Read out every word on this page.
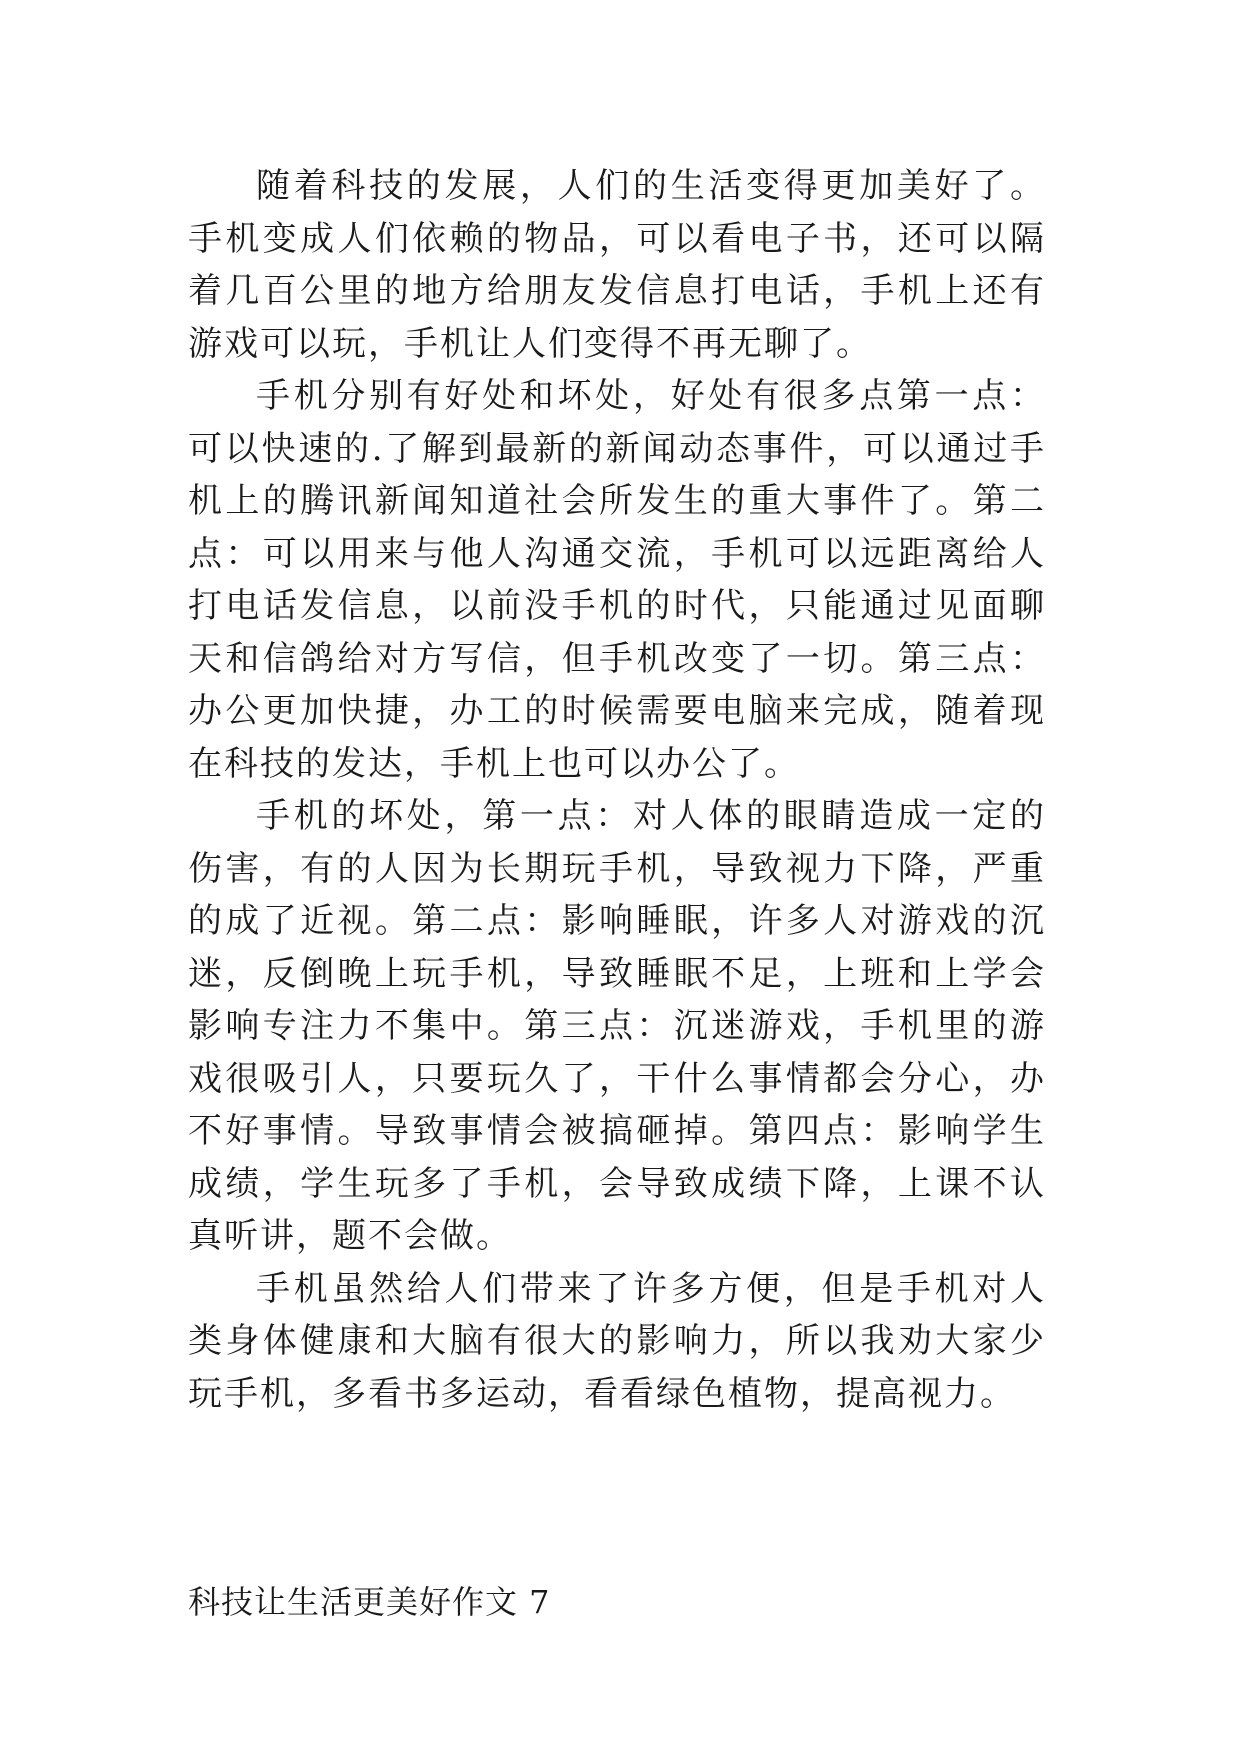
随着科技的发展，人们的生活变得更加美好了。手机变成人们依赖的物品，可以看电子书，还可以隔着几百公里的地方给朋友发信息打电话，手机上还有游戏可以玩，手机让人们变得不再无聊了。

手机分别有好处和坏处，好处有很多点第一点：可以快速的.了解到最新的新闻动态事件，可以通过手机上的腾讯新闻知道社会所发生的重大事件了。第二点：可以用来与他人沟通交流，手机可以远距离给人打电话发信息，以前没手机的时代，只能通过见面聊天和信鸽给对方写信，但手机改变了一切。第三点：办公更加快捷，办工的时候需要电脑来完成，随着现在科技的发达，手机上也可以办公了。

手机的坏处，第一点：对人体的眼睛造成一定的伤害，有的人因为长期玩手机，导致视力下降，严重的成了近视。第二点：影响睡眠，许多人对游戏的沉迷，反倒晚上玩手机，导致睡眠不足，上班和上学会影响专注力不集中。第三点：沉迷游戏，手机里的游戏很吸引人，只要玩久了，干什么事情都会分心，办不好事情。导致事情会被搞砸掉。第四点：影响学生成绩，学生玩多了手机，会导致成绩下降，上课不认真听讲，题不会做。

手机虽然给人们带来了许多方便，但是手机对人类身体健康和大脑有很大的影响力，所以我劝大家少玩手机，多看书多运动，看看绿色植物，提高视力。

科技让生活更美好作文 7
